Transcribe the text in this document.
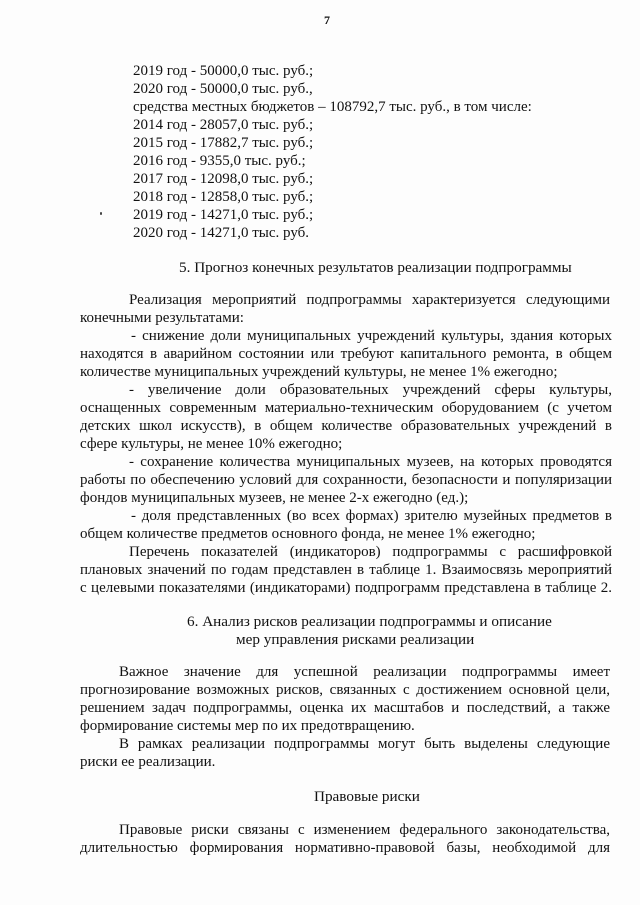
7
2019 год - 50000,0 тыс. руб.;
2020 год - 50000,0 тыс. руб.,
средства местных бюджетов – 108792,7 тыс. руб., в том числе:
2014 год - 28057,0 тыс. руб.;
2015 год - 17882,7 тыс. руб.;
2016 год - 9355,0 тыс. руб.;
2017 год - 12098,0 тыс. руб.;
2018 год - 12858,0 тыс. руб.;
2019 год - 14271,0 тыс. руб.;
2020 год - 14271,0 тыс. руб.
5. Прогноз конечных результатов реализации подпрограммы
Реализация мероприятий подпрограммы характеризуется следующими
конечными результатами:
- снижение доли муниципальных учреждений культуры, здания которых
находятся в аварийном состоянии или требуют капитального ремонта, в общем
количестве муниципальных учреждений культуры, не менее 1% ежегодно;
- увеличение доли образовательных учреждений сферы культуры,
оснащенных современным материально-техническим оборудованием (с учетом
детских школ искусств), в общем количестве образовательных учреждений в
сфере культуры, не менее 10% ежегодно;
- сохранение количества муниципальных музеев, на которых проводятся
работы по обеспечению условий для сохранности, безопасности и популяризации
фондов муниципальных музеев, не менее 2-х ежегодно (ед.);
- доля представленных (во всех формах) зрителю музейных предметов в
общем количестве предметов основного фонда, не менее 1% ежегодно;
Перечень показателей (индикаторов) подпрограммы с расшифровкой
плановых значений по годам представлен в таблице 1. Взаимосвязь мероприятий
с целевыми показателями (индикаторами) подпрограмм представлена в таблице 2.
6. Анализ рисков реализации подпрограммы и описание
мер управления рисками реализации
Важное значение для успешной реализации подпрограммы имеет
прогнозирование возможных рисков, связанных с достижением основной цели,
решением задач подпрограммы, оценка их масштабов и последствий, а также
формирование системы мер по их предотвращению.
В рамках реализации подпрограммы могут быть выделены следующие
риски ее реализации.
Правовые риски
Правовые риски связаны с изменением федерального законодательства,
длительностью формирования нормативно-правовой базы, необходимой для
